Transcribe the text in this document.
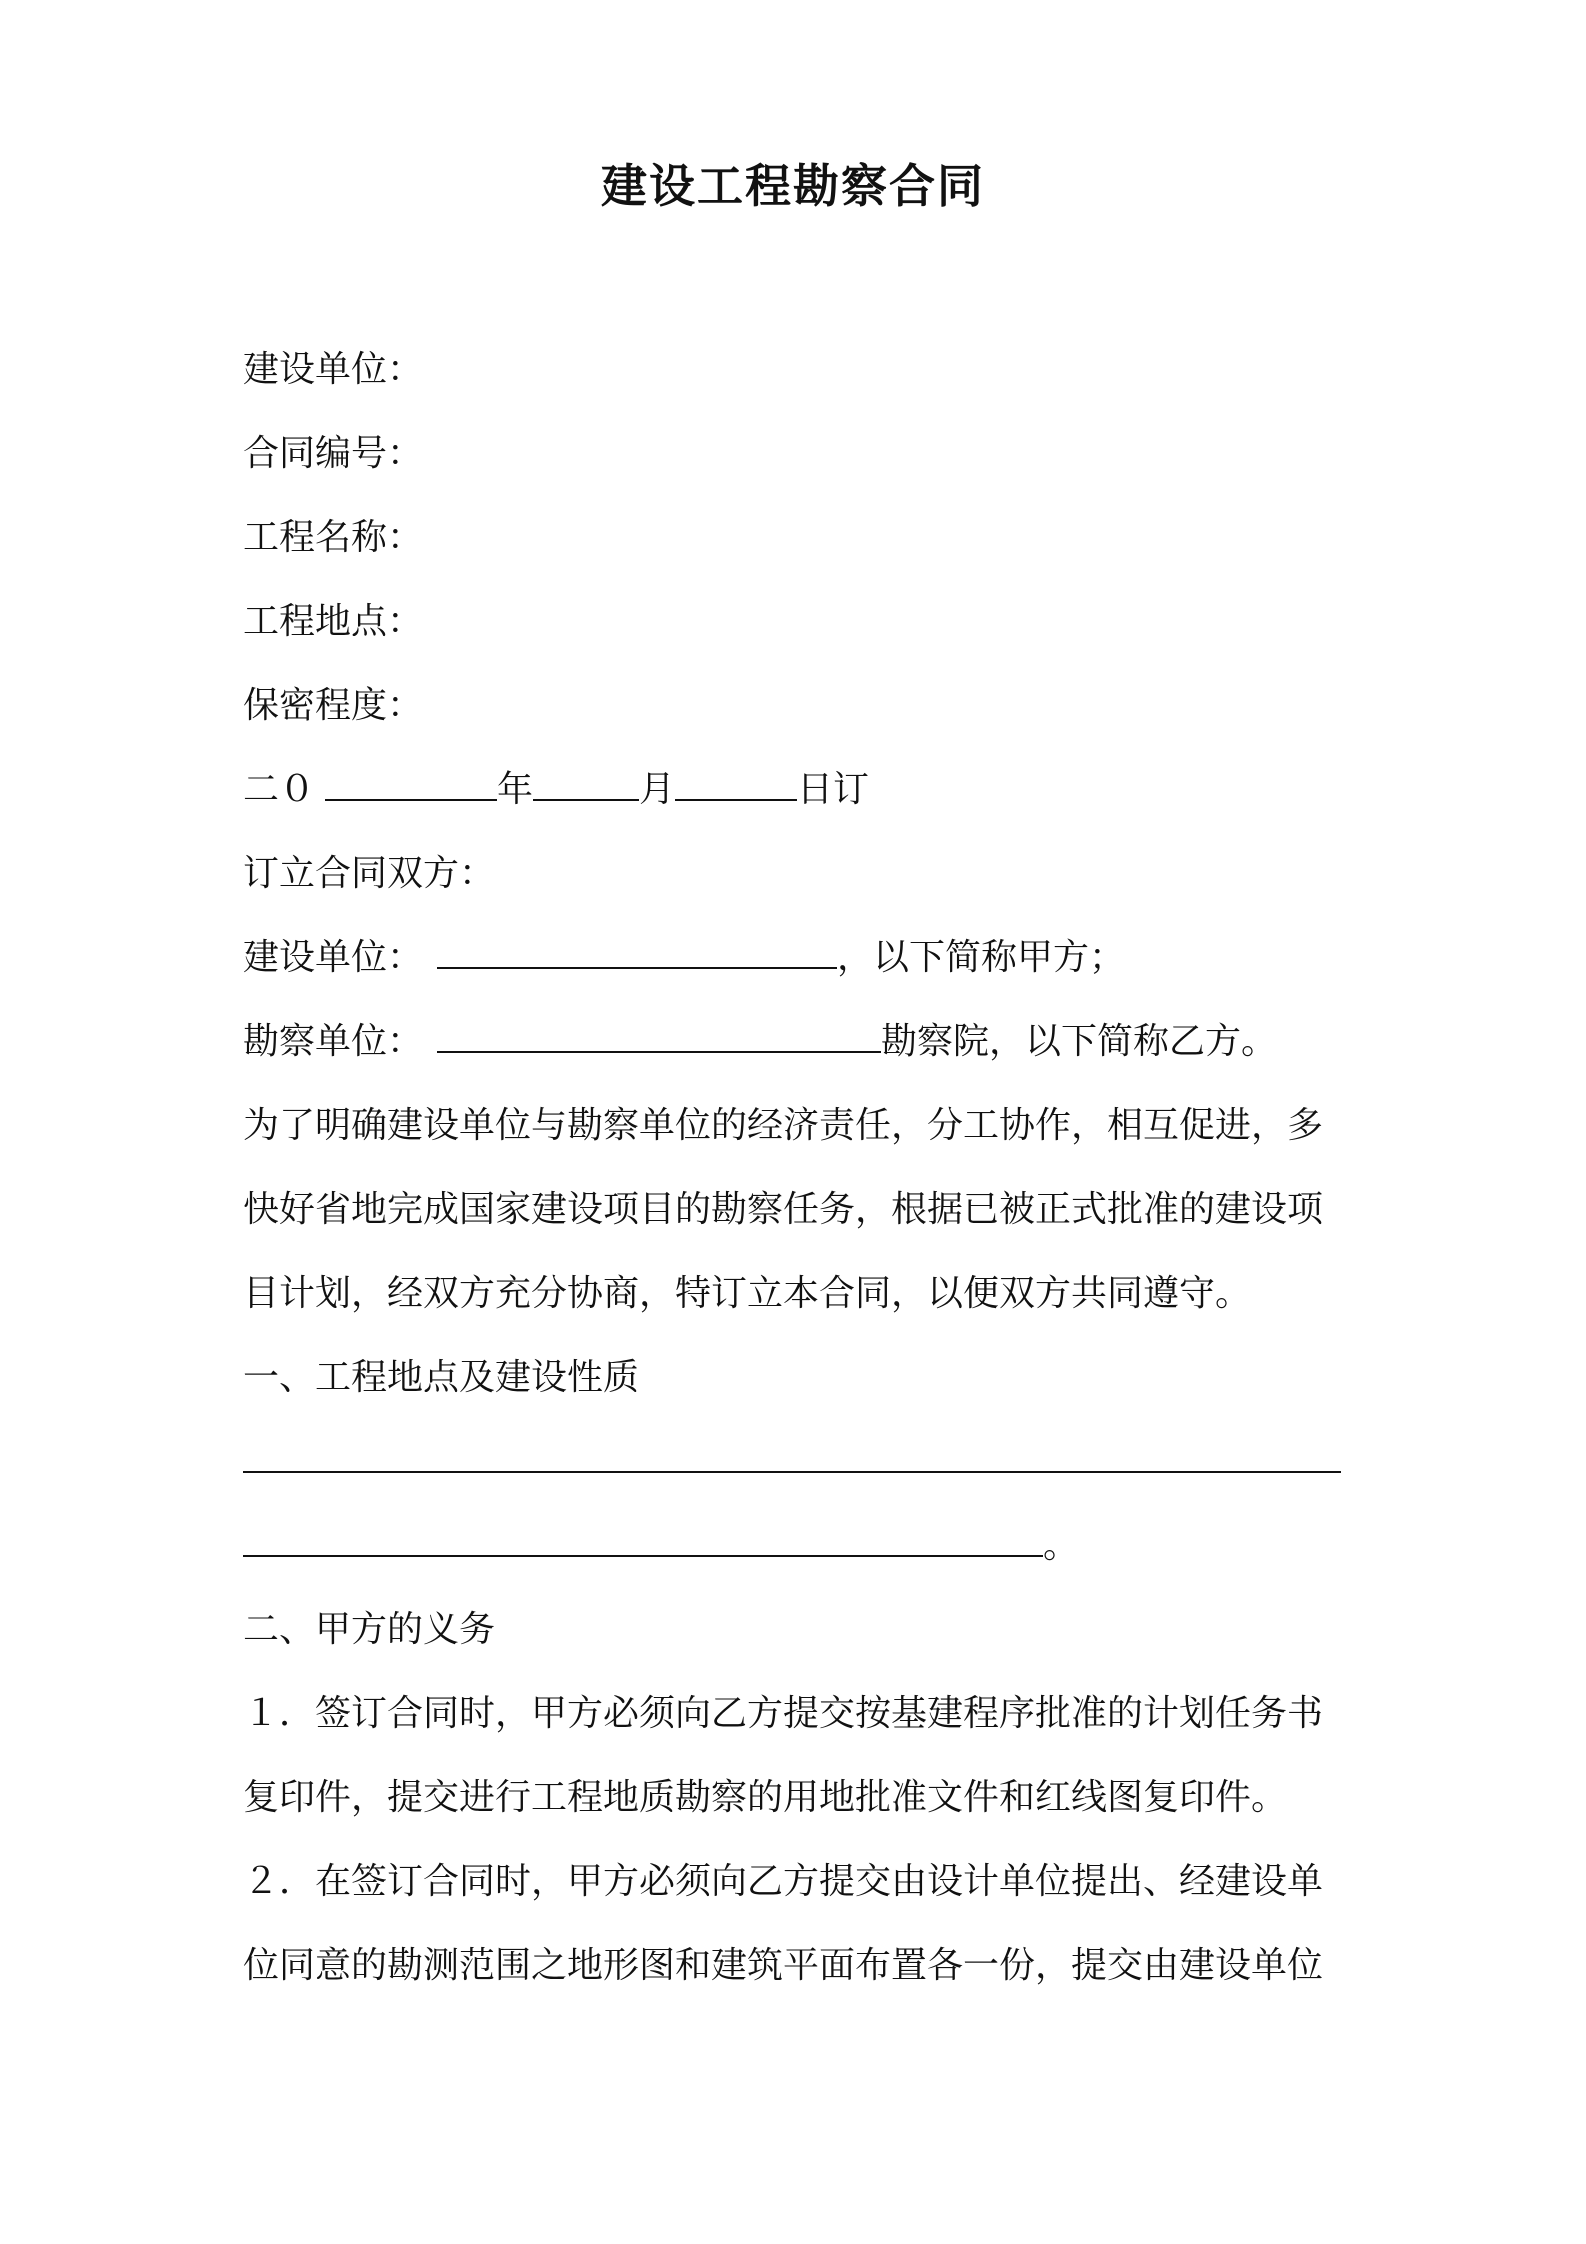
建设工程勘察合同
建设单位：
合同编号：
工程名称：
工程地点：
保密程度：
二０	年	月	日订
订立合同双方：
建设单位：	，以下简称甲方；
勘察单位：	勘察院，以下简称乙方。
为了明确建设单位与勘察单位的经济责任，分工协作，相互促进，多
快好省地完成国家建设项目的勘察任务，根据已被正式批准的建设项
目计划，经双方充分协商，特订立本合同，以便双方共同遵守。
一、工程地点及建设性质
。
二、甲方的义务
１．签订合同时，甲方必须向乙方提交按基建程序批准的计划任务书
复印件，提交进行工程地质勘察的用地批准文件和红线图复印件。
２．在签订合同时，甲方必须向乙方提交由设计单位提出、经建设单
位同意的勘测范围之地形图和建筑平面布置各一份，提交由建设单位
